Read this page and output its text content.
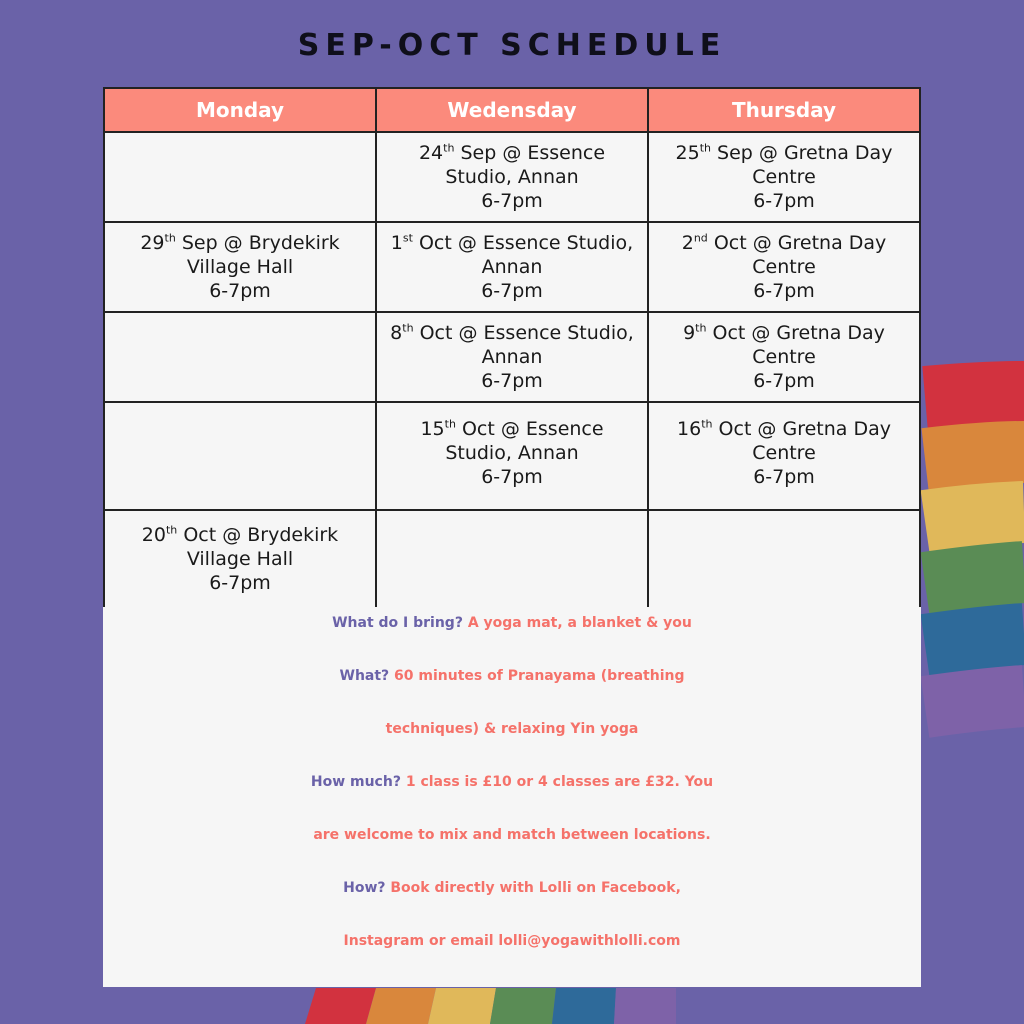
SEP-OCT SCHEDULE
Monday	Wedensday	Thursday

	24th Sep @ Essence
Studio, Annan
6-7pm	25th Sep @ Gretna Day
Centre
6-7pm

29th Sep @ Brydekirk
Village Hall
6-7pm	1st Oct @ Essence Studio,
Annan
6-7pm	2nd Oct @ Gretna Day
Centre
6-7pm

	8th Oct @ Essence Studio,
Annan
6-7pm	9th Oct @ Gretna Day
Centre
6-7pm

	15th Oct @ Essence
Studio, Annan
6-7pm	16th Oct @ Gretna Day
Centre
6-7pm

20th Oct @ Brydekirk
Village Hall
6-7pm		

What do I bring? A yoga mat, a blanket & you
What? 60 minutes of Pranayama (breathing
techniques) & relaxing Yin yoga
How much? 1 class is £10 or 4 classes are £32. You
are welcome to mix and match between locations.
How? Book directly with Lolli on Facebook,
Instagram or email lolli@yogawithlolli.com
